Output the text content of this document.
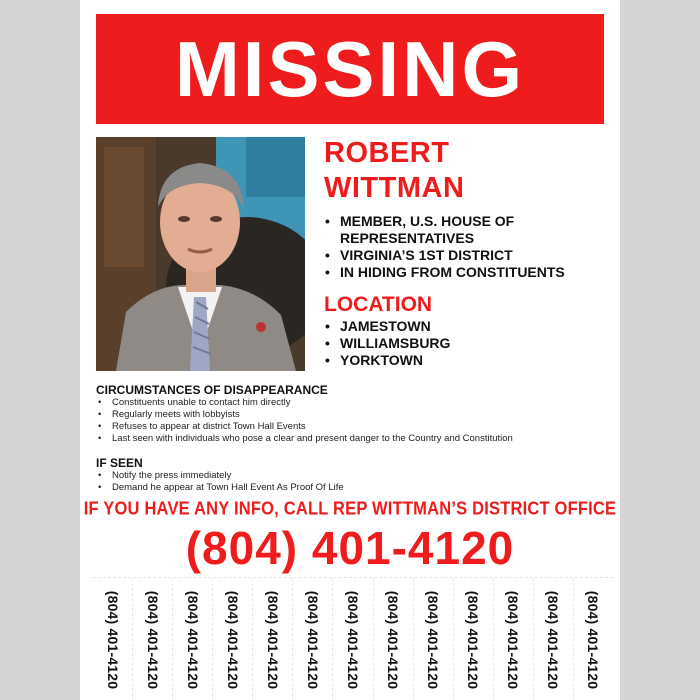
MISSING
ROBERT
WITTMAN
• MEMBER, U.S. HOUSE OF
REPRESENTATIVES
• VIRGINIA’S 1ST DISTRICT
• IN HIDING FROM CONSTITUENTS
LOCATION
• JAMESTOWN
• WILLIAMSBURG
• YORKTOWN
CIRCUMSTANCES OF DISAPPEARANCE
• Constituents unable to contact him directly
• Regularly meets with lobbyists
• Refuses to appear at district Town Hall Events
• Last seen with individuals who pose a clear and present danger to the Country and Constitution
IF SEEN
• Notify the press immediately
• Demand he appear at Town Hall Event As Proof Of Life
IF YOU HAVE ANY INFO, CALL REP WITTMAN’S DISTRICT OFFICE
(804) 401-4120
(804) 401-4120 (804) 401-4120 (804) 401-4120 (804) 401-4120 (804) 401-4120 (804) 401-4120 (804) 401-4120 (804) 401-4120 (804) 401-4120 (804) 401-4120 (804) 401-4120 (804) 401-4120 (804) 401-4120
